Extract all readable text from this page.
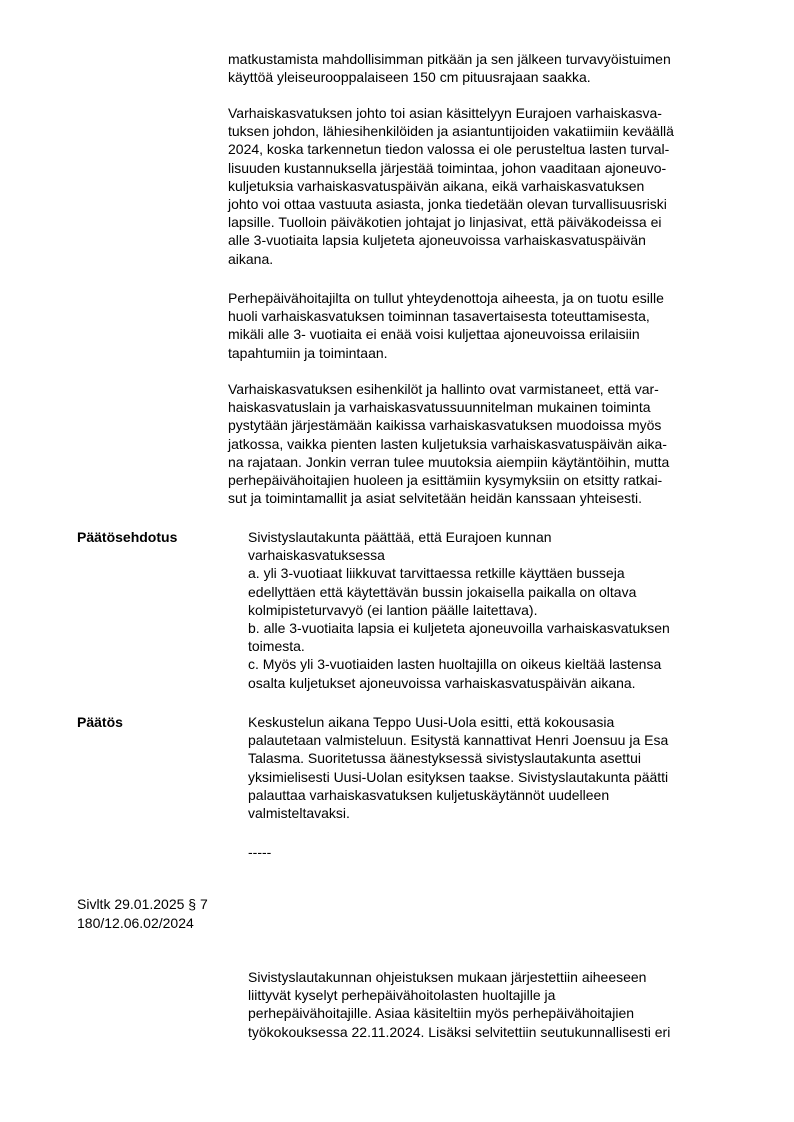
matkustamista mahdollisimman pitkään ja sen jälkeen turvavyöistuimen
käyttöä yleiseurooppalaiseen 150 cm pituusrajaan saakka.
Varhaiskasvatuksen johto toi asian käsittelyyn Eurajoen varhaiskasva-
tuksen johdon, lähiesihenkilöiden ja asiantuntijoiden vakatiimiin keväällä
2024, koska tarkennetun tiedon valossa ei ole perusteltua lasten turval-
lisuuden kustannuksella järjestää toimintaa, johon vaaditaan ajoneuvo-
kuljetuksia varhaiskasvatuspäivän aikana, eikä varhaiskasvatuksen
johto voi ottaa vastuuta asiasta, jonka tiedetään olevan turvallisuusriski
lapsille. Tuolloin päiväkotien johtajat jo linjasivat, että päiväkodeissa ei
alle 3-vuotiaita lapsia kuljeteta ajoneuvoissa varhaiskasvatuspäivän
aikana.
Perhepäivähoitajilta on tullut yhteydenottoja aiheesta, ja on tuotu esille
huoli varhaiskasvatuksen toiminnan tasavertaisesta toteuttamisesta,
mikäli alle 3- vuotiaita ei enää voisi kuljettaa ajoneuvoissa erilaisiin
tapahtumiin ja toimintaan.
Varhaiskasvatuksen esihenkilöt ja hallinto ovat varmistaneet, että var-
haiskasvatuslain ja varhaiskasvatussuunnitelman mukainen toiminta
pystytään järjestämään kaikissa varhaiskasvatuksen muodoissa myös
jatkossa, vaikka pienten lasten kuljetuksia varhaiskasvatuspäivän aika-
na rajataan. Jonkin verran tulee muutoksia aiempiin käytäntöihin, mutta
perhepäivähoitajien huoleen ja esittämiin kysymyksiin on etsitty ratkai-
sut ja toimintamallit ja asiat selvitetään heidän kanssaan yhteisesti.
Päätösehdotus	Sivistyslautakunta päättää, että Eurajoen kunnan
varhaiskasvatuksessa
a. yli 3-vuotiaat liikkuvat tarvittaessa retkille käyttäen busseja
edellyttäen että käytettävän bussin jokaisella paikalla on oltava
kolmipisteturvavyö (ei lantion päälle laitettava).
b. alle 3-vuotiaita lapsia ei kuljeteta ajoneuvoilla varhaiskasvatuksen
toimesta.
c. Myös yli 3-vuotiaiden lasten huoltajilla on oikeus kieltää lastensa
osalta kuljetukset ajoneuvoissa varhaiskasvatuspäivän aikana.
Päätös	Keskustelun aikana Teppo Uusi-Uola esitti, että kokousasia
palautetaan valmisteluun. Esitystä kannattivat Henri Joensuu ja Esa
Talasma. Suoritetussa äänestyksessä sivistyslautakunta asettui
yksimielisesti Uusi-Uolan esityksen taakse. Sivistyslautakunta päätti
palauttaa varhaiskasvatuksen kuljetuskäytännöt uudelleen
valmisteltavaksi.
-----
Sivltk 29.01.2025 § 7
180/12.06.02/2024
Sivistyslautakunnan ohjeistuksen mukaan järjestettiin aiheeseen
liittyvät kyselyt perhepäivähoitolasten huoltajille ja
perhepäivähoitajille. Asiaa käsiteltiin myös perhepäivähoitajien
työkokouksessa 22.11.2024. Lisäksi selvitettiin seutukunnallisesti eri
